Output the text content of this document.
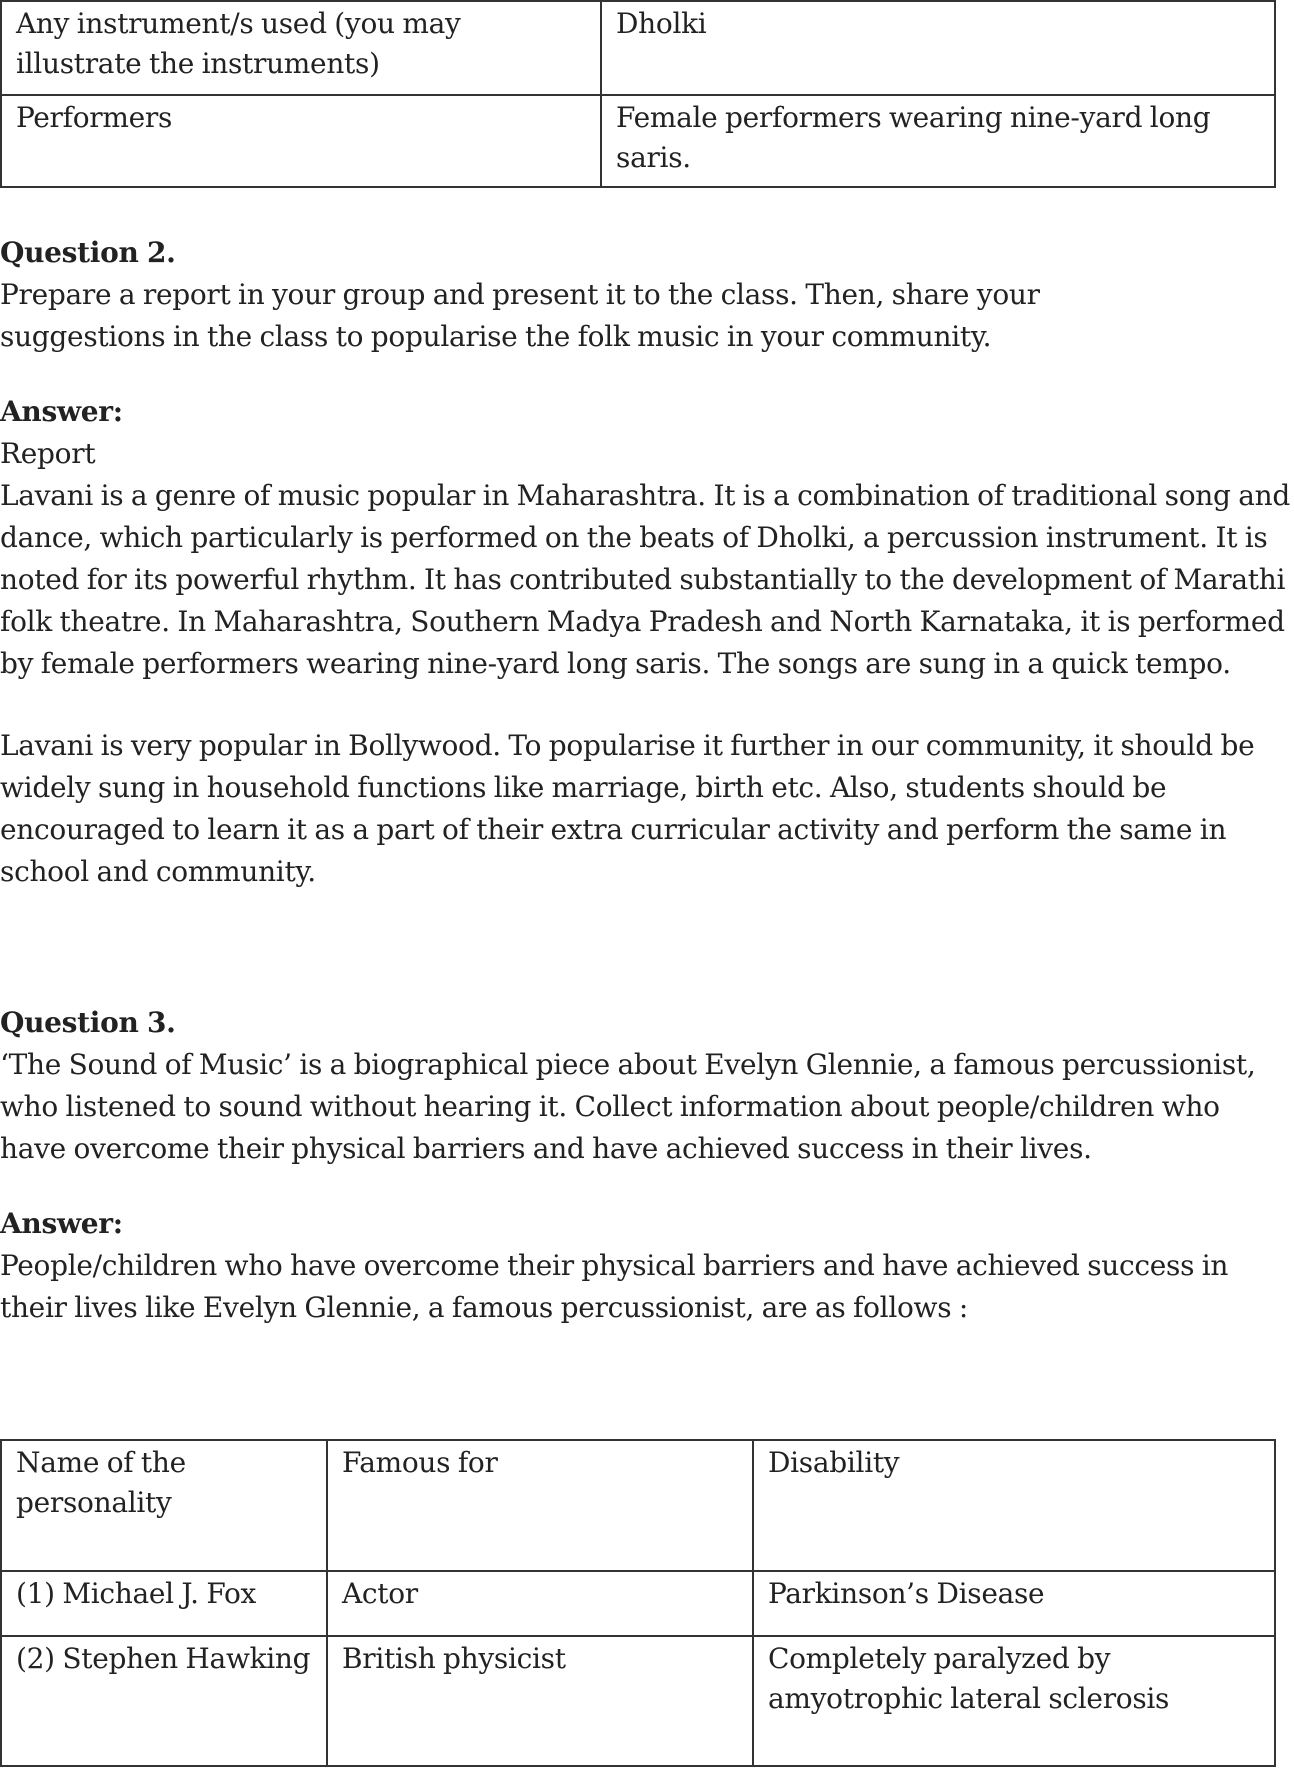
Any instrument/s used (you may illustrate the instruments)	Dholki
Performers	Female performers wearing nine-yard long saris.

Question 2.

Prepare a report in your group and present it to the class. Then, share your suggestions in the class to popularise the folk music in your community.

Answer:

Report

Lavani is a genre of music popular in Maharashtra. It is a combination of traditional song and dance, which particularly is performed on the beats of Dholki, a percussion instrument. It is noted for its powerful rhythm. It has contributed substantially to the development of Marathi folk theatre. In Maharashtra, Southern Madya Pradesh and North Karnataka, it is performed by female performers wearing nine-yard long saris. The songs are sung in a quick tempo.

Lavani is very popular in Bollywood. To popularise it further in our community, it should be widely sung in household functions like marriage, birth etc. Also, students should be encouraged to learn it as a part of their extra curricular activity and perform the same in school and community.

Question 3.

‘The Sound of Music’ is a biographical piece about Evelyn Glennie, a famous percussionist, who listened to sound without hearing it. Collect information about people/children who have overcome their physical barriers and have achieved success in their lives.

Answer:

People/children who have overcome their physical barriers and have achieved success in their lives like Evelyn Glennie, a famous percussionist, are as follows :

Name of the personality	Famous for	Disability
(1) Michael J. Fox	Actor	Parkinson’s Disease
(2) Stephen Hawking	British physicist	Completely paralyzed by amyotrophic lateral sclerosis
